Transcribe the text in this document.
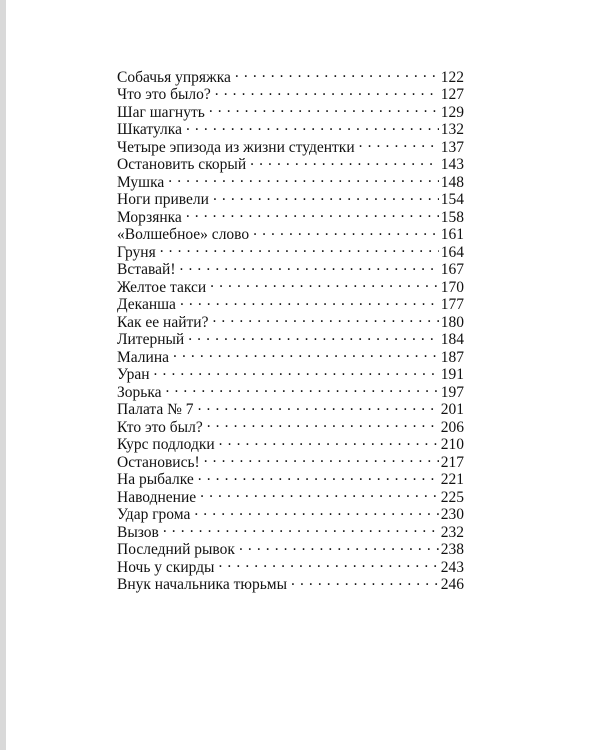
Собачья упряжка . . .	122
Что это было? . . .	127
Шаг шагнуть . . .	129
Шкатулка . . .	132
Четыре эпизода из жизни студентки . . .	137
Остановить скорый . . .	143
Мушка . . .	148
Ноги привели . . .	154
Морзянка . . .	158
«Волшебное» слово . . .	161
Груня . . .	164
Вставай! . . .	167
Желтое такси . . .	170
Деканша . . .	177
Как ее найти? . . .	180
Литерный . . .	184
Малина . . .	187
Уран . . .	191
Зорька . . .	197
Палата № 7 . . .	201
Кто это был? . . .	206
Курс подлодки . . .	210
Остановись! . . .	217
На рыбалке . . .	221
Наводнение . . .	225
Удар грома . . .	230
Вызов . . .	232
Последний рывок . . .	238
Ночь у скирды . . .	243
Внук начальника тюрьмы . . .	246
